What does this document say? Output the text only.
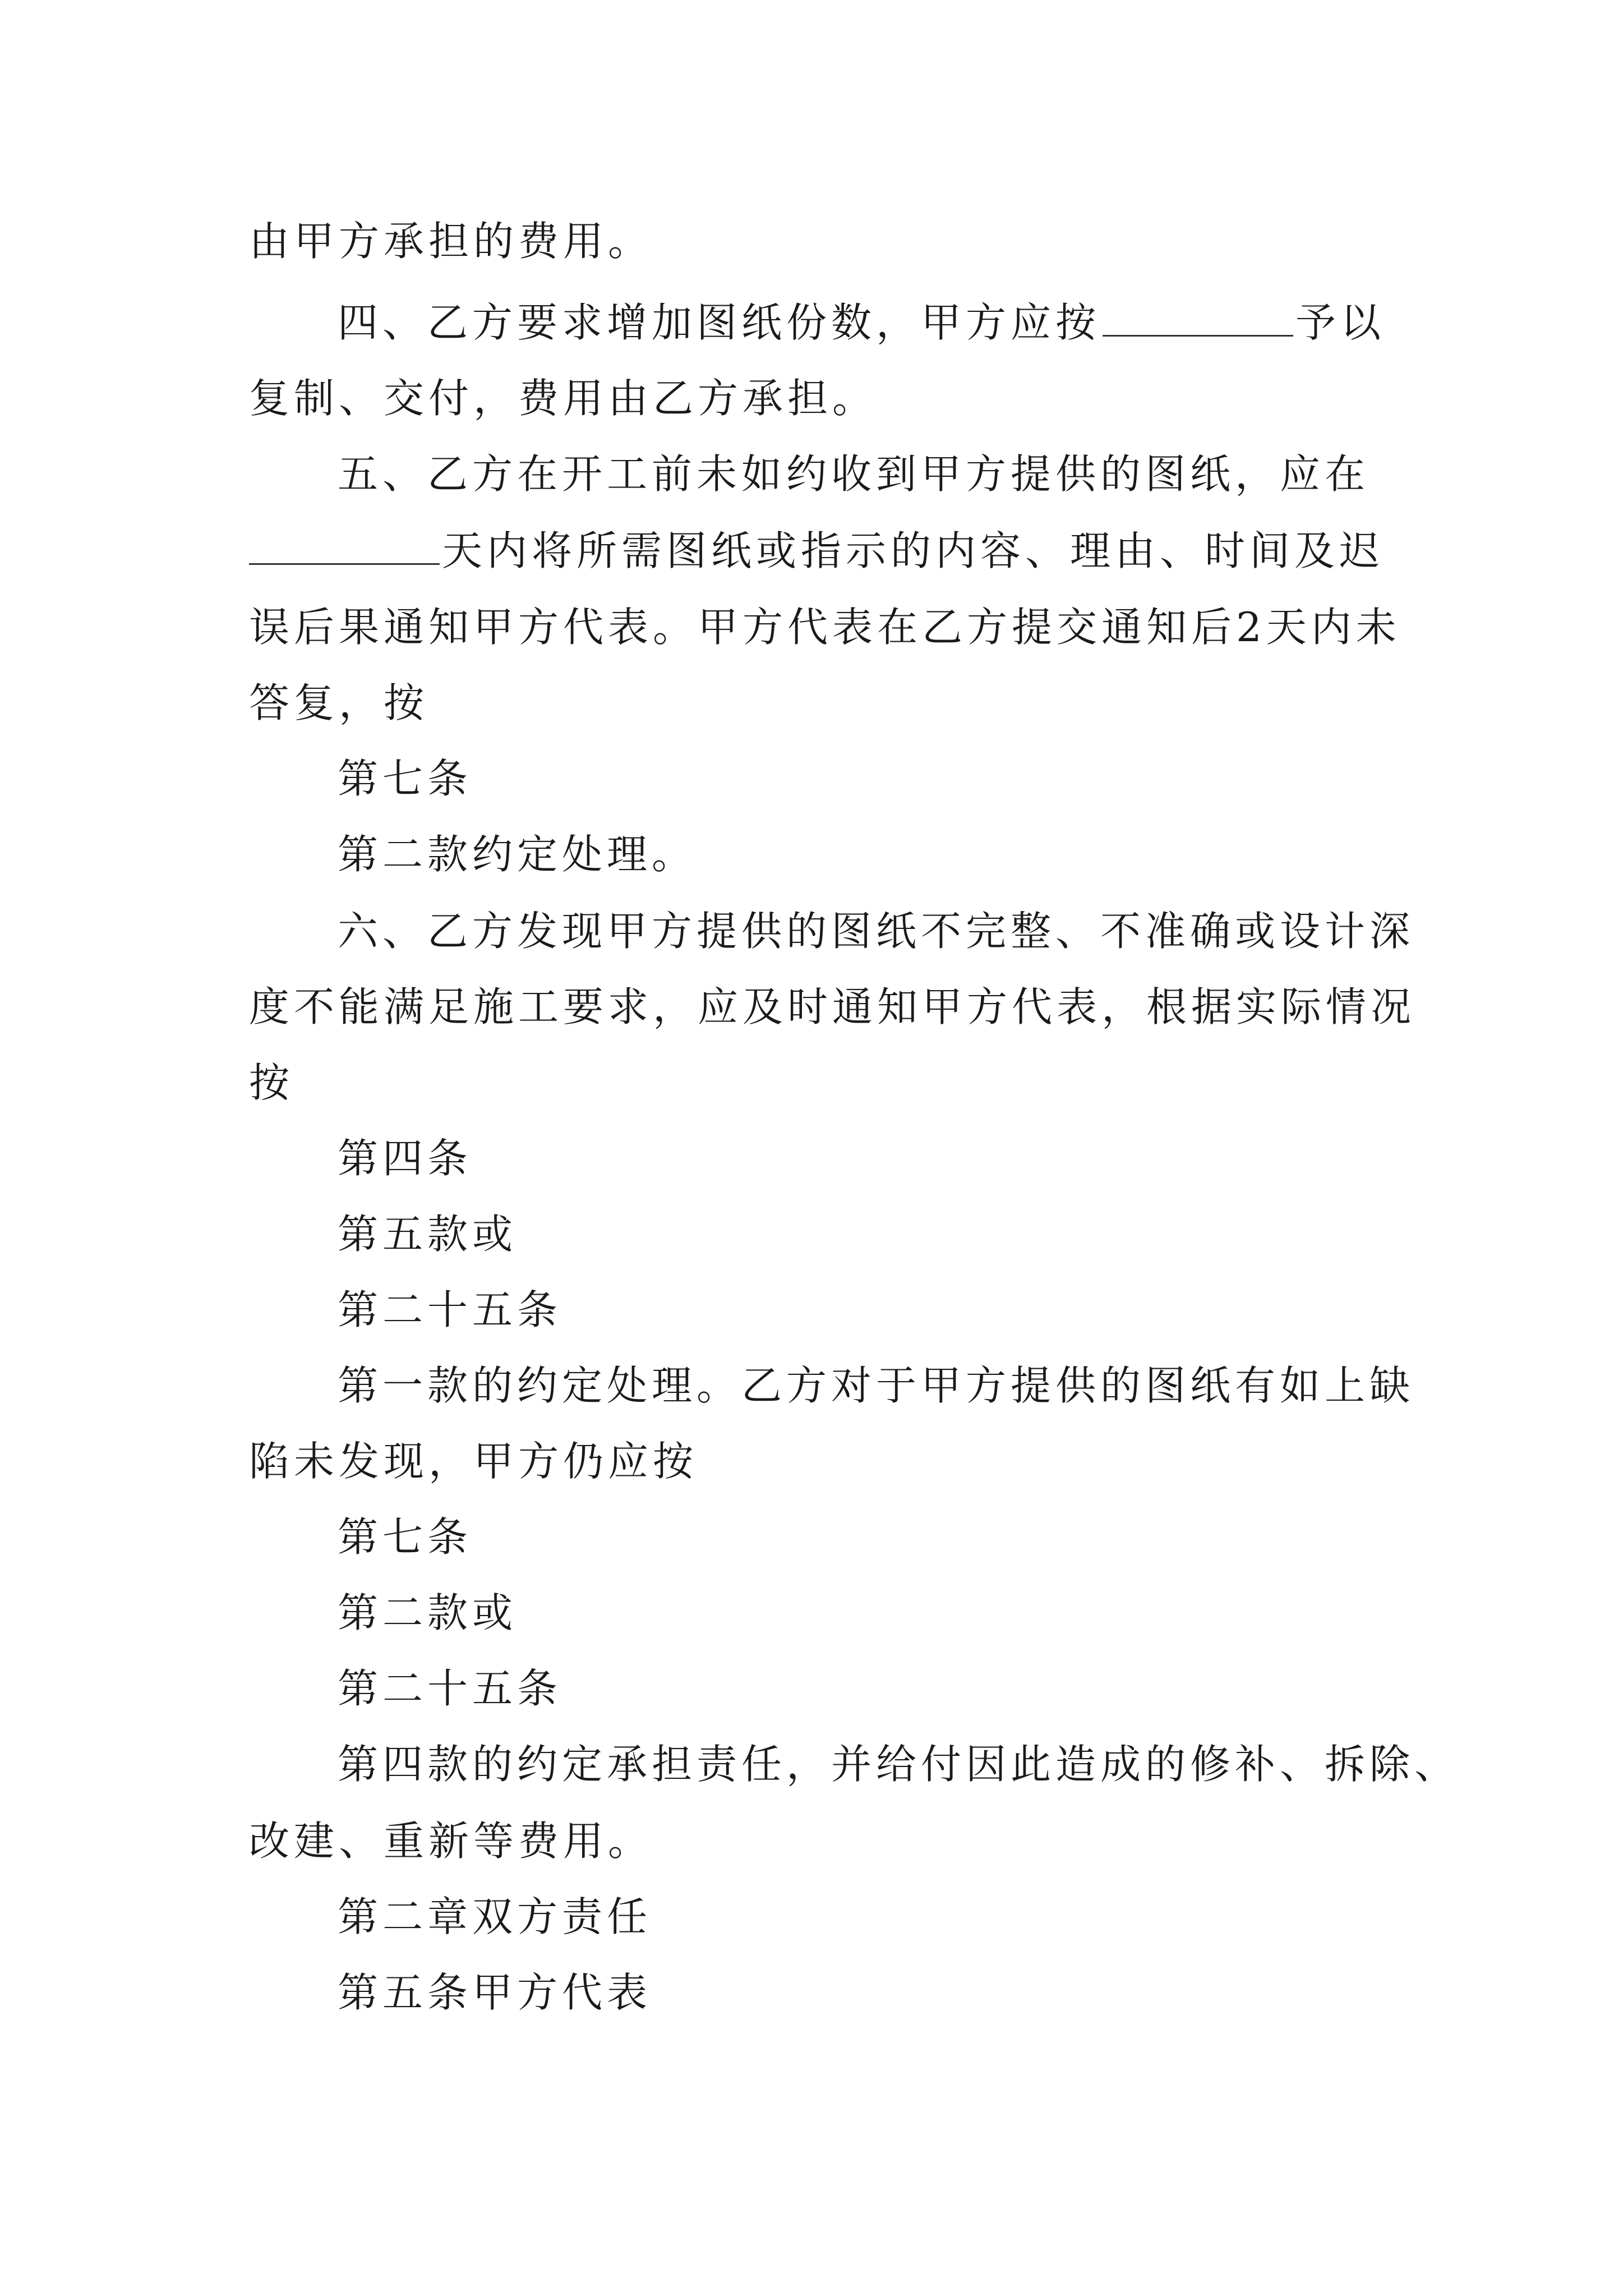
由甲方承担的费用。
四、乙方要求增加图纸份数，甲方应按	予以
复制、交付，费用由乙方承担。
五、乙方在开工前未如约收到甲方提供的图纸，应在
天内将所需图纸或指示的内容、理由、时间及迟
误后果通知甲方代表。甲方代表在乙方提交通知后2天内未
答复，按
第七条
第二款约定处理。
六、乙方发现甲方提供的图纸不完整、不准确或设计深
度不能满足施工要求，应及时通知甲方代表，根据实际情况
按
第四条
第五款或
第二十五条
第一款的约定处理。乙方对于甲方提供的图纸有如上缺
陷未发现，甲方仍应按
第七条
第二款或
第二十五条
第四款的约定承担责任，并给付因此造成的修补、拆除、
改建、重新等费用。
第二章双方责任
第五条甲方代表
